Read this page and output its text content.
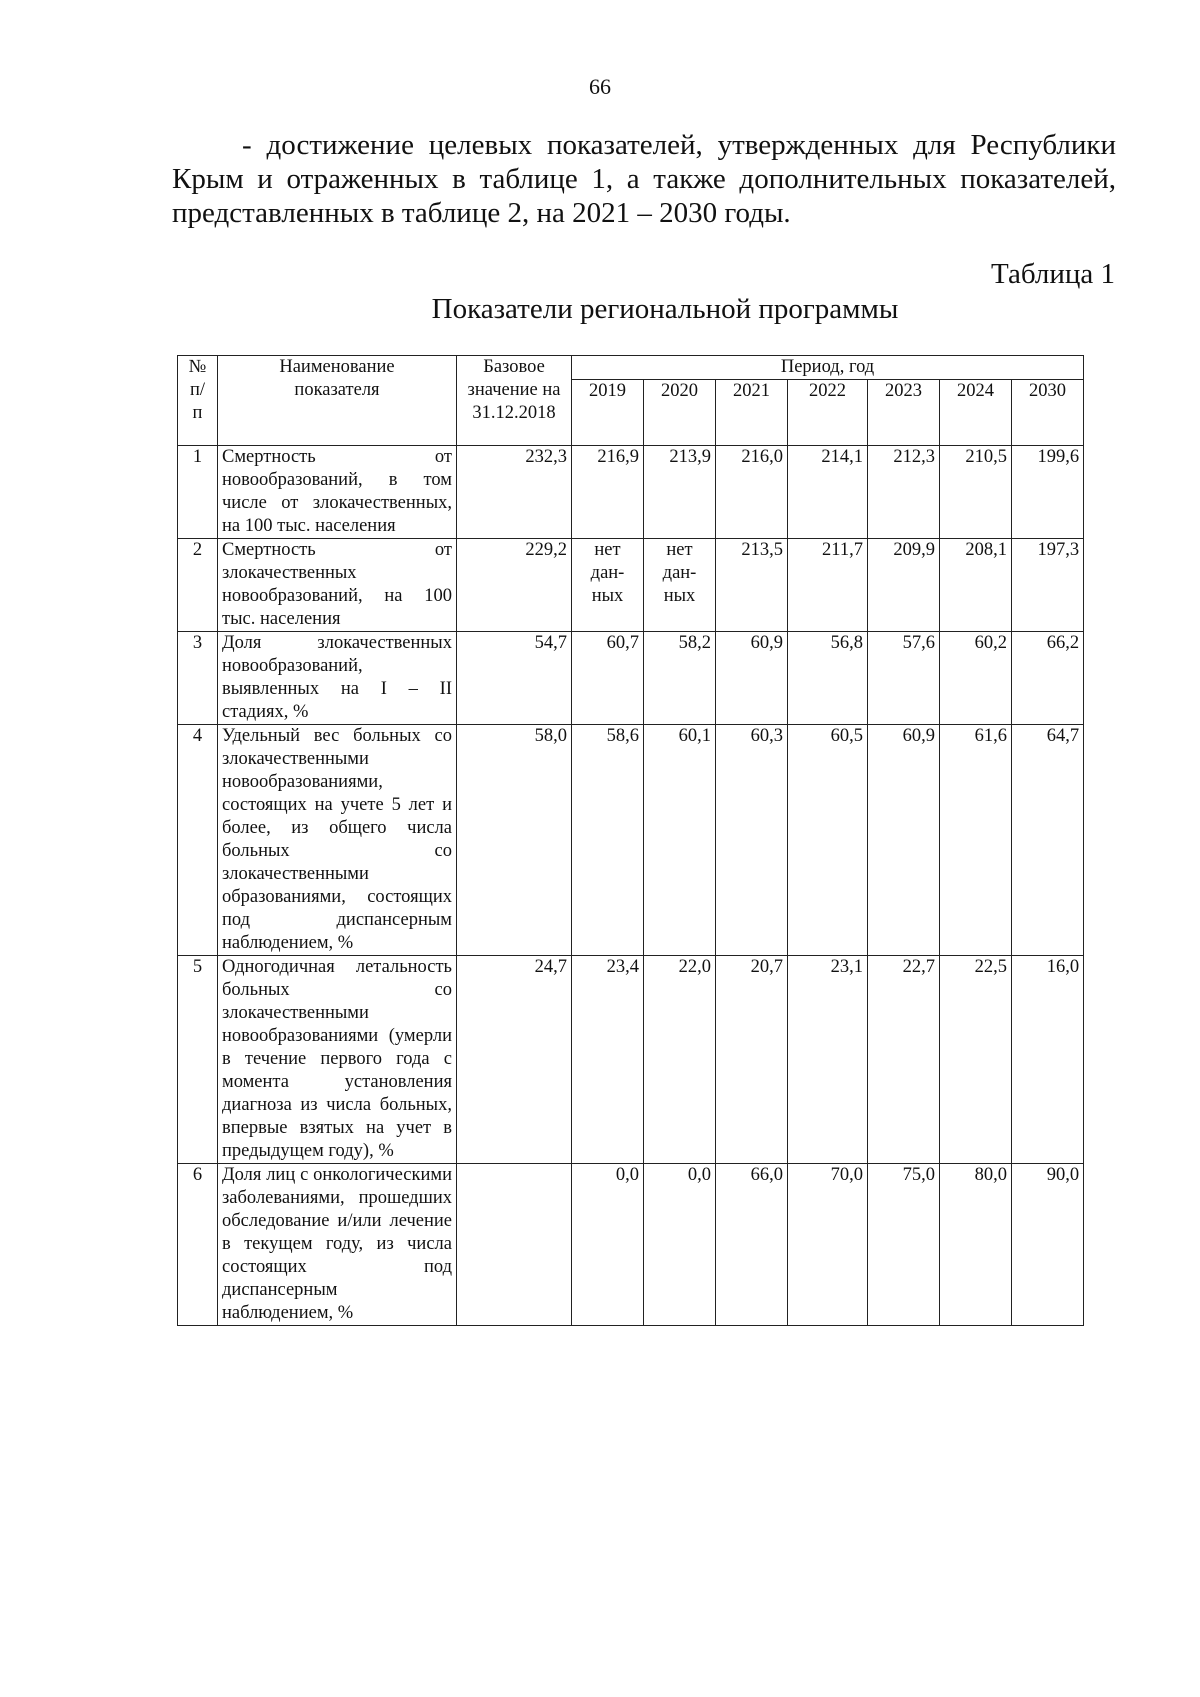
66

- достижение целевых показателей, утвержденных для Республики Крым и отраженных в таблице 1, а также дополнительных показателей, представленных в таблице 2, на 2021 – 2030 годы.

Таблица 1
Показатели региональной программы
№
п/
п	Наименование показателя	Базовое значение на 31.12.2018	Период, год						
			2019	2020	2021	2022	2023	2024	2030
1	Смертность от новообразований, в том числе от злокачественных, на 100 тыс. населения	232,3	216,9	213,9	216,0	214,1	212,3	210,5	199,6
2	Смертность от злокачественных новообразований, на 100 тыс. населения	229,2	нет дан-ных	нет дан-ных	213,5	211,7	209,9	208,1	197,3
3	Доля злокачественных новообразований, выявленных на I – II стадиях, %	54,7	60,7	58,2	60,9	56,8	57,6	60,2	66,2
4	Удельный вес больных со злокачественными новообразованиями, состоящих на учете 5 лет и более, из общего числа больных со злокачественными образованиями, состоящих под диспансерным наблюдением, %	58,0	58,6	60,1	60,3	60,5	60,9	61,6	64,7
5	Одногодичная летальность больных со злокачественными новообразованиями (умерли в течение первого года с момента установления диагноза из числа больных, впервые взятых на учет в предыдущем году), %	24,7	23,4	22,0	20,7	23,1	22,7	22,5	16,0
6	Доля лиц с онкологическими заболеваниями, прошедших обследование и/или лечение в текущем году, из числа состоящих под диспансерным наблюдением, %		0,0	0,0	66,0	70,0	75,0	80,0	90,0
